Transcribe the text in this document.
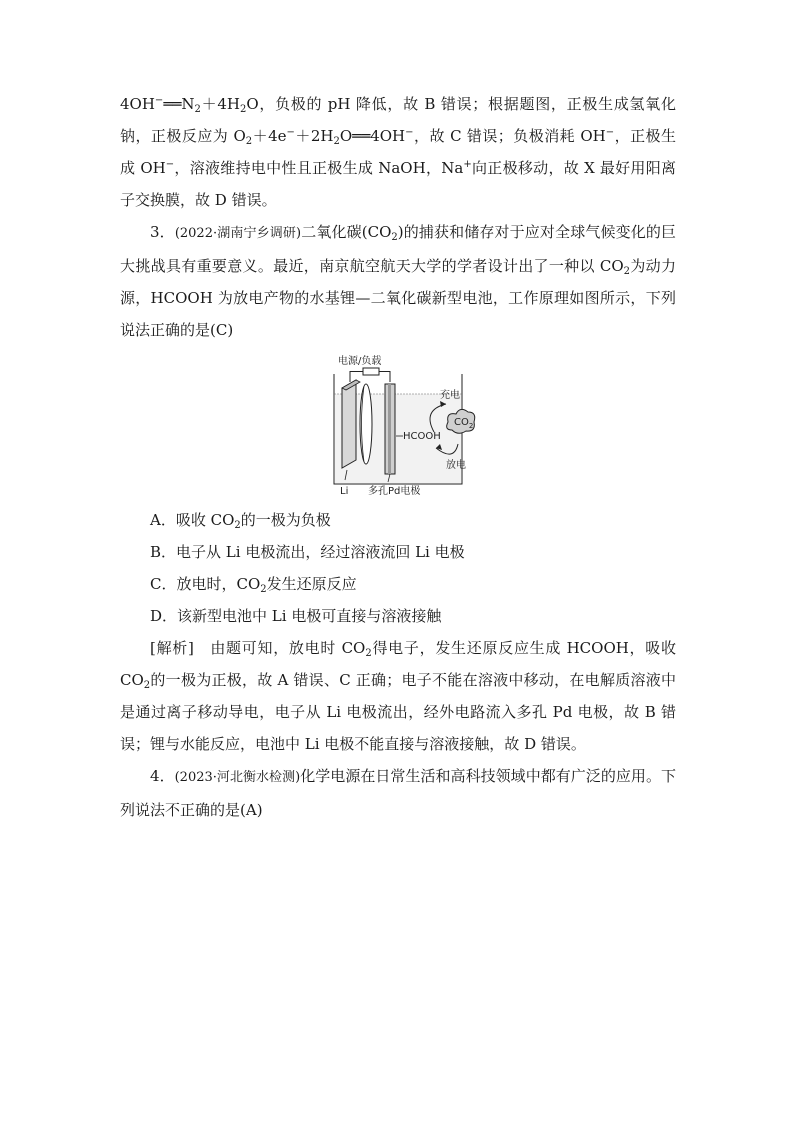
$4OH^-══N_2+4H_2O$，负极的 pH 降低，故 B 错误；根据题图，正极生成氢氧化钠，正极反应为 $O_2+4e^-+2H_2O══4OH^-$，故 C 错误；负极消耗 OH−，正极生成 OH−，溶液维持电中性且正极生成 NaOH，Na+向正极移动，故 X 最好用阳离子交换膜，故 D 错误。

3．(2022·湖南宁乡调研)二氧化碳$(CO_2)$的捕获和储存对于应对全球气候变化的巨大挑战具有重要意义。最近，南京航空航天大学的学者设计出了一种以 $CO_2$为动力源，HCOOH 为放电产物的水基锂—二氧化碳新型电池，工作原理如图所示，下列说法正确的是(C)

电源/负载
HCOOH
充电
放电
$CO_2$
Li 多孔Pd电极

A．吸收 $CO_2$的一极为负极

B．电子从 Li 电极流出，经过溶液流回 Li 电极

C．放电时，$CO_2$发生还原反应

D．该新型电池中 Li 电极可直接与溶液接触

[解析]　由题可知，放电时 $CO_2$得电子，发生还原反应生成 HCOOH，吸收$CO_2$的一极为正极，故 A 错误、C 正确；电子不能在溶液中移动，在电解质溶液中是通过离子移动导电，电子从 Li 电极流出，经外电路流入多孔 Pd 电极，故 B 错误；锂与水能反应，电池中 Li 电极不能直接与溶液接触，故 D 错误。

4．(2023·河北衡水检测)化学电源在日常生活和高科技领域中都有广泛的应用。下列说法不正确的是(A)
